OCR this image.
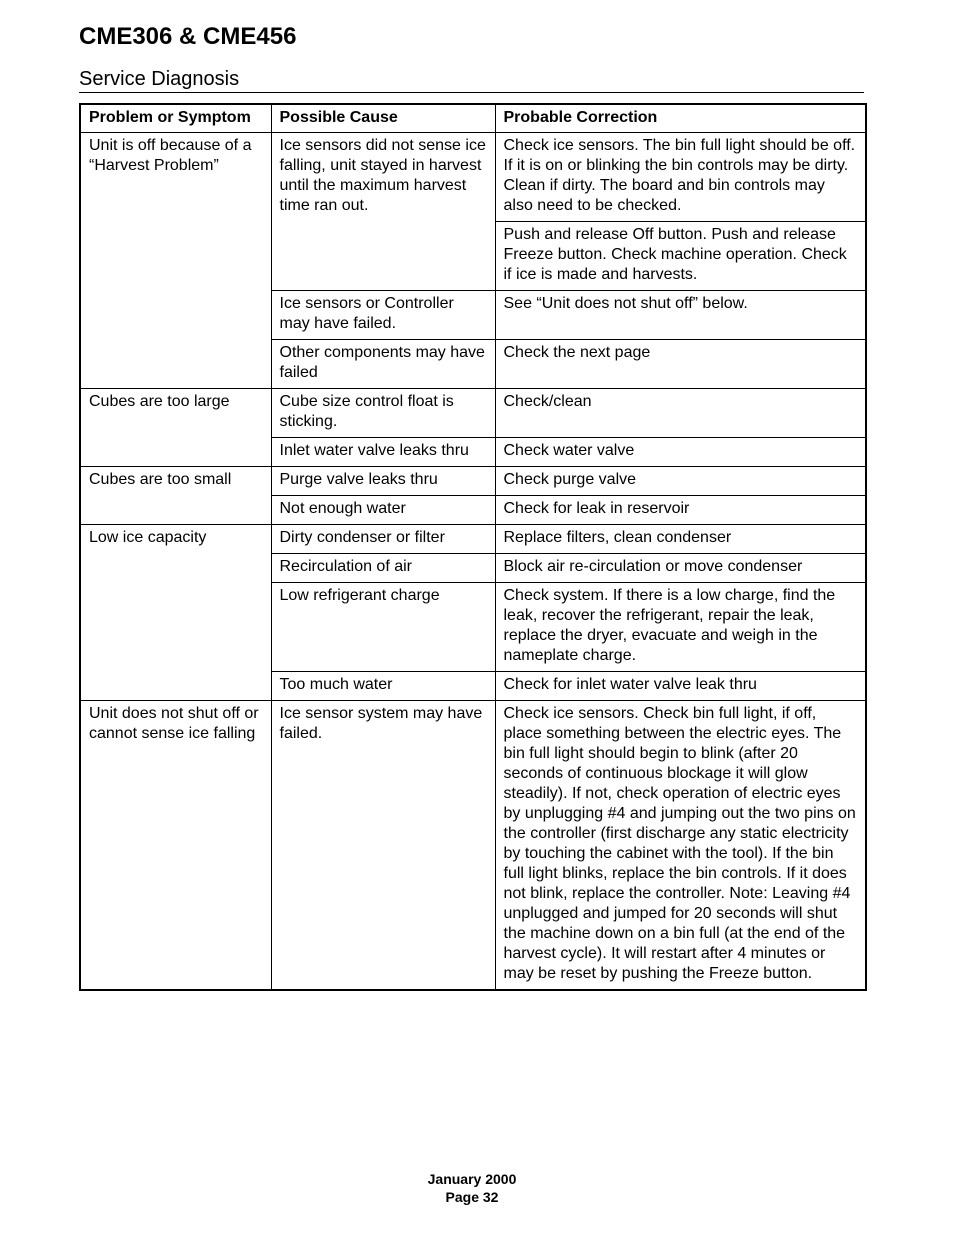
CME306 & CME456
Service Diagnosis
Problem or Symptom	Possible Cause	Probable Correction
Unit is off because of a “Harvest Problem”	Ice sensors did not sense ice falling, unit stayed in harvest until the maximum harvest time ran out.	Check ice sensors. The bin full light should be off. If it is on or blinking the bin controls may be dirty. Clean if dirty. The board and bin controls may also need to be checked.
		Push and release Off button. Push and release Freeze button. Check machine operation. Check if ice is made and harvests.
	Ice sensors or Controller may have failed.	See “Unit does not shut off” below.
	Other components may have failed	Check the next page
Cubes are too large	Cube size control float is sticking.	Check/clean
	Inlet water valve leaks thru	Check water valve
Cubes are too small	Purge valve leaks thru	Check purge valve
	Not enough water	Check for leak in reservoir
Low ice capacity	Dirty condenser or filter	Replace filters, clean condenser
	Recirculation of air	Block air re-circulation or move condenser
	Low refrigerant charge	Check system. If there is a low charge, find the leak, recover the refrigerant, repair the leak, replace the dryer, evacuate and weigh in the nameplate charge.
	Too much water	Check for inlet water valve leak thru
Unit does not shut off or cannot sense ice falling	Ice sensor system may have failed.	Check ice sensors. Check bin full light, if off, place something between the electric eyes. The bin full light should begin to blink (after 20 seconds of continuous blockage it will glow steadily). If not, check operation of electric eyes by unplugging #4 and jumping out the two pins on the controller (first discharge any static electricity by touching the cabinet with the tool). If the bin full light blinks, replace the bin controls. If it does not blink, replace the controller. Note: Leaving #4 unplugged and jumped for 20 seconds will shut the machine down on a bin full (at the end of the harvest cycle). It will restart after 4 minutes or may be reset by pushing the Freeze button.
January 2000
Page 32
